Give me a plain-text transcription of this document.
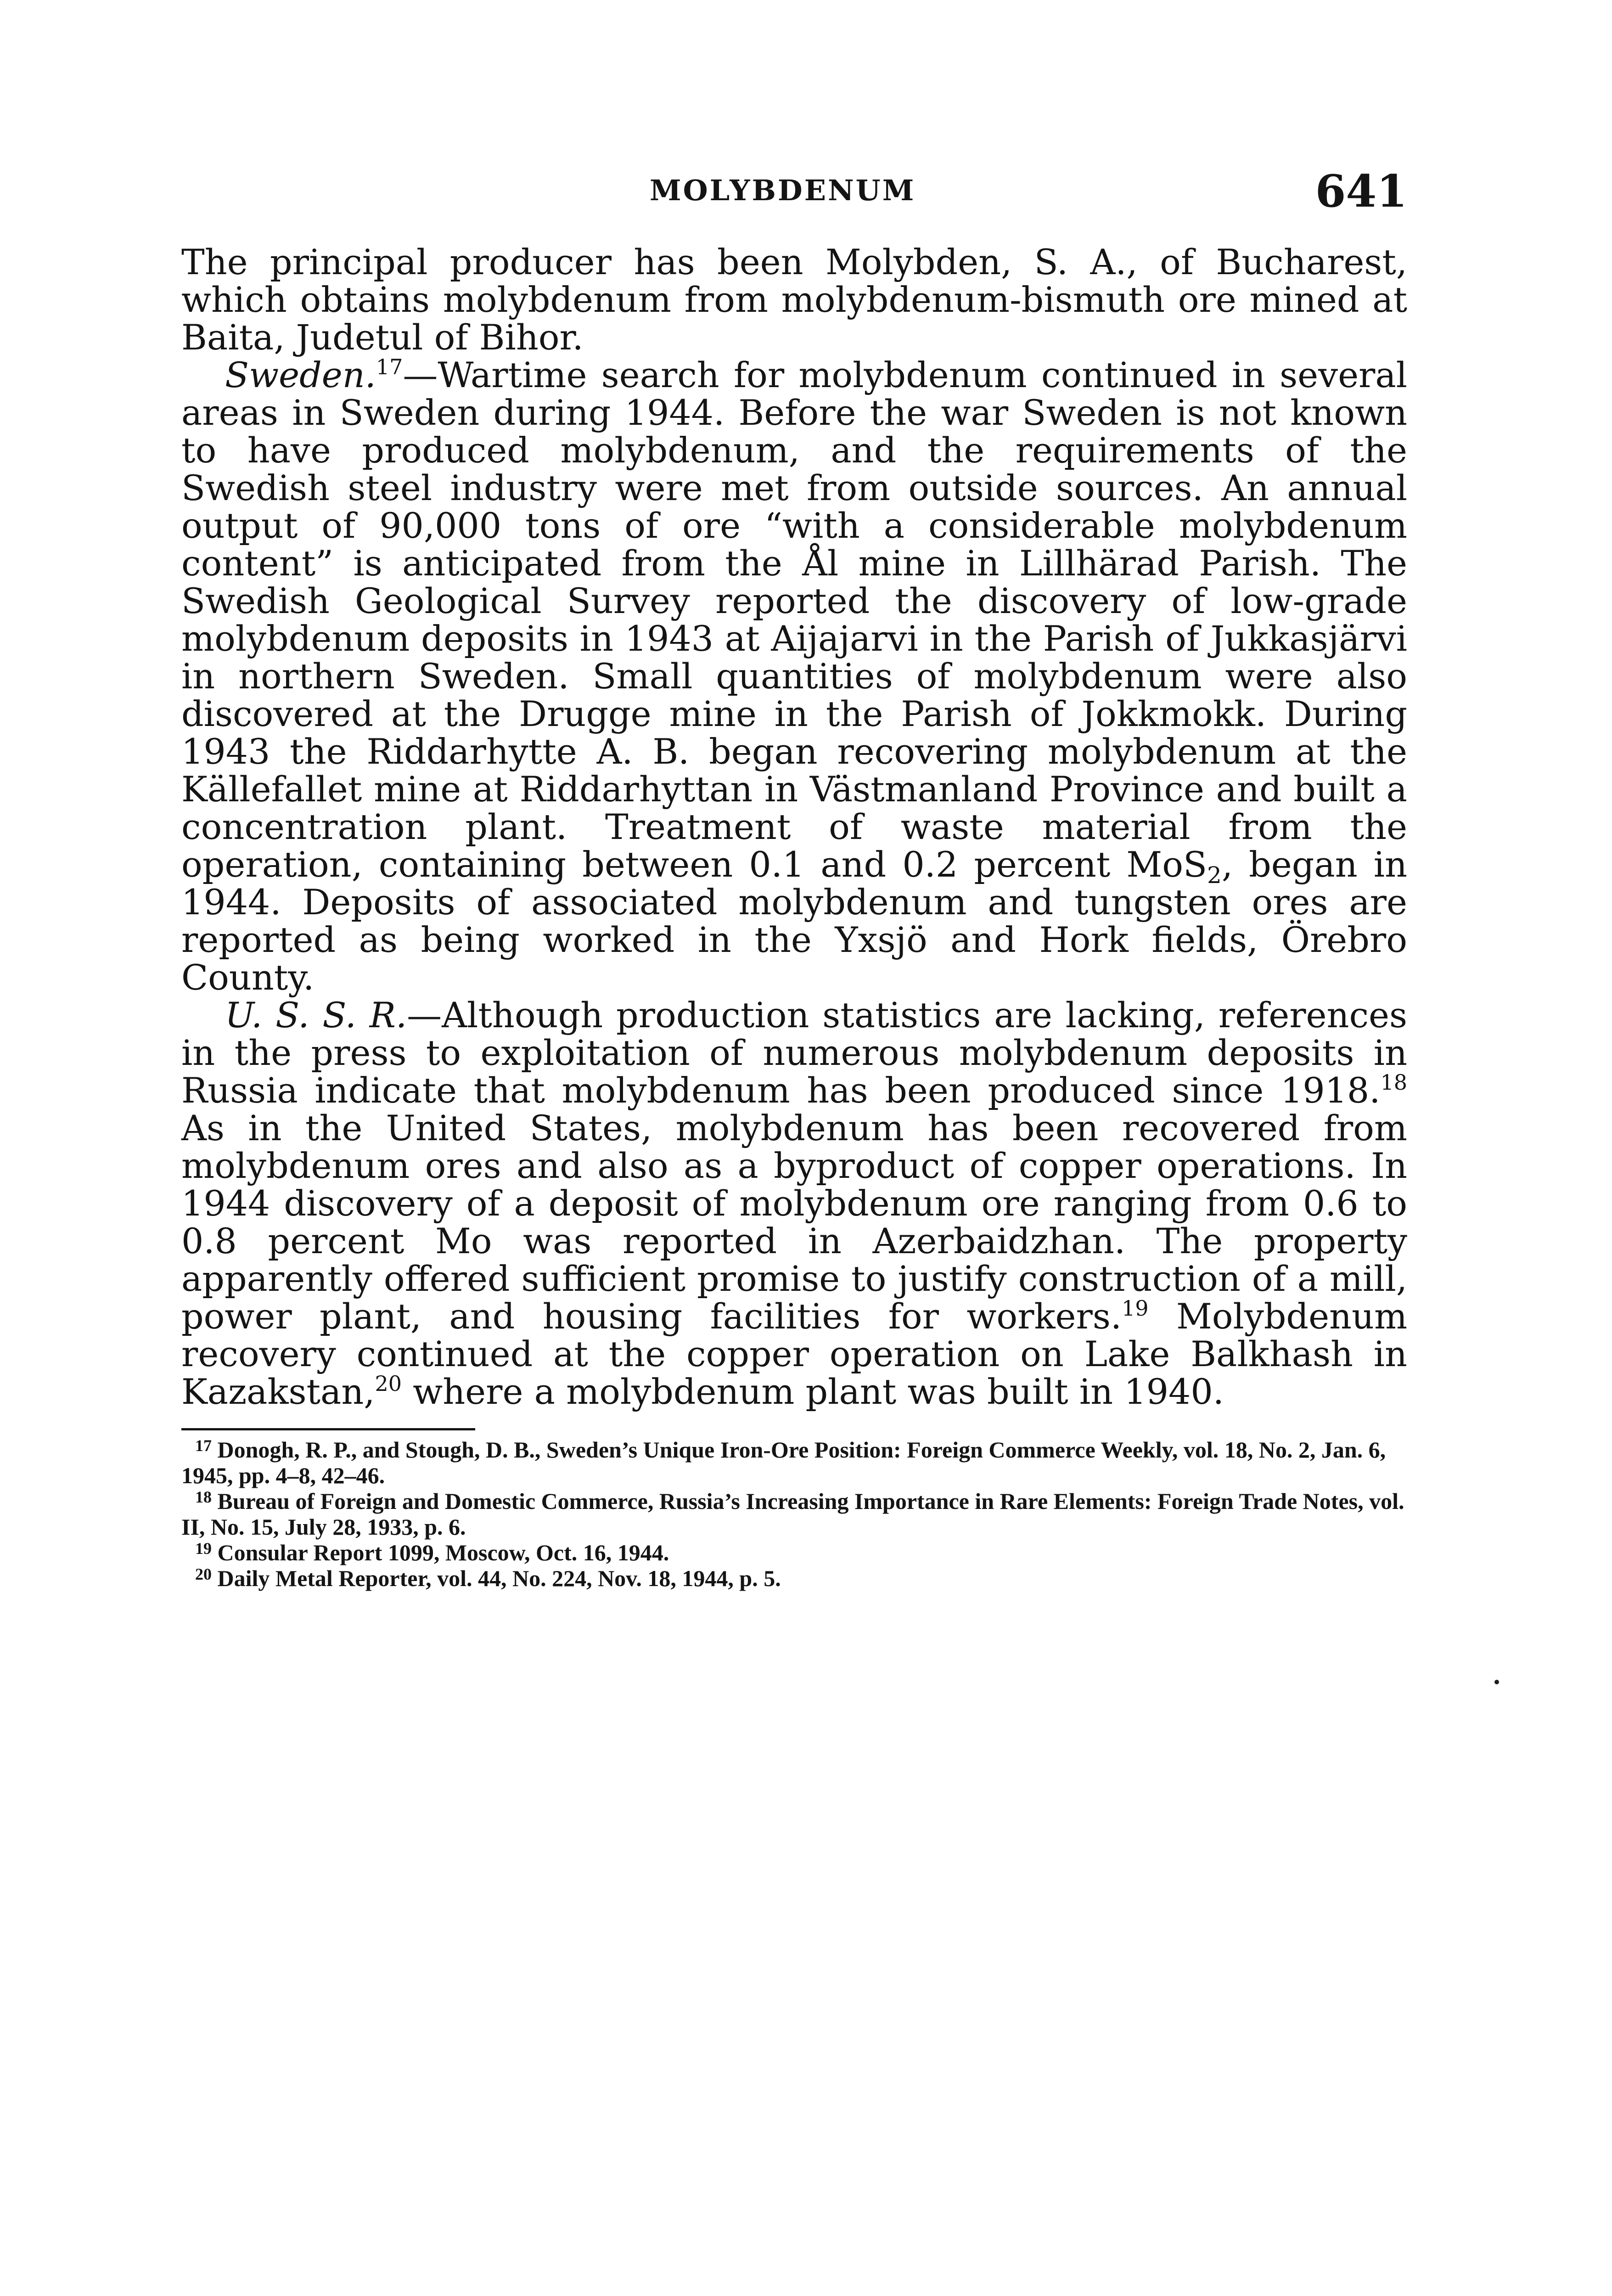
MOLYBDENUM	641

The principal producer has been Molybden, S. A., of Bucharest, which obtains molybdenum from molybdenum-bismuth ore mined at Baita, Judetul of Bihor.

Sweden.$^{17}$—Wartime search for molybdenum continued in several areas in Sweden during 1944. Before the war Sweden is not known to have produced molybdenum, and the requirements of the Swedish steel industry were met from outside sources. An annual output of 90,000 tons of ore “with a considerable molybdenum content” is anticipated from the Ål mine in Lillhärad Parish. The Swedish Geological Survey reported the discovery of low-grade molybdenum deposits in 1943 at Aijajarvi in the Parish of Jukkasjärvi in northern Sweden. Small quantities of molybdenum were also discovered at the Drugge mine in the Parish of Jokkmokk. During 1943 the Riddarhytte A. B. began recovering molybdenum at the Källefallet mine at Riddarhyttan in Västmanland Province and built a concentration plant. Treatment of waste material from the operation, containing between 0.1 and 0.2 percent MoS$_2$, began in 1944. Deposits of associated molybdenum and tungsten ores are reported as being worked in the Yxsjö and Hork fields, Örebro County.

U. S. S. R.—Although production statistics are lacking, references in the press to exploitation of numerous molybdenum deposits in Russia indicate that molybdenum has been produced since 1918.18 As in the United States, molybdenum has been recovered from molybdenum ores and also as a byproduct of copper operations. In 1944 discovery of a deposit of molybdenum ore ranging from 0.6 to 0.8 percent Mo was reported in Azerbaidzhan. The property apparently offered sufficient promise to justify construction of a mill, power plant, and housing facilities for workers.$^{19}$ Molybdenum recovery continued at the copper operation on Lake Balkhash in Kazakstan,$^{20}$ where a molybdenum plant was built in 1940.

$^{17}$ Donogh, R. P., and Stough, D. B., Sweden’s Unique Iron-Ore Position: Foreign Commerce Weekly, vol. 18, No. 2, Jan. 6, 1945, pp. 4–8, 42–46.

$^{18}$ Bureau of Foreign and Domestic Commerce, Russia’s Increasing Importance in Rare Elements: Foreign Trade Notes, vol. II, No. 15, July 28, 1933, p. 6.

$^{19}$ Consular Report 1099, Moscow, Oct. 16, 1944.

$^{20}$ Daily Metal Reporter, vol. 44, No. 224, Nov. 18, 1944, p. 5.
